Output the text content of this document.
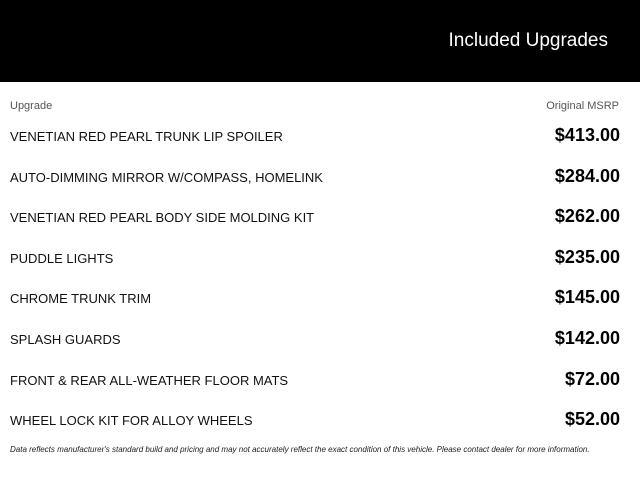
Included Upgrades
Upgrade	Original MSRP
VENETIAN RED PEARL TRUNK LIP SPOILER	$413.00
AUTO-DIMMING MIRROR W/COMPASS, HOMELINK	$284.00
VENETIAN RED PEARL BODY SIDE MOLDING KIT	$262.00
PUDDLE LIGHTS	$235.00
CHROME TRUNK TRIM	$145.00
SPLASH GUARDS	$142.00
FRONT & REAR ALL-WEATHER FLOOR MATS	$72.00
WHEEL LOCK KIT FOR ALLOY WHEELS	$52.00
Data reflects manufacturer's standard build and pricing and may not accurately reflect the exact condition of this vehicle. Please contact dealer for more information.
